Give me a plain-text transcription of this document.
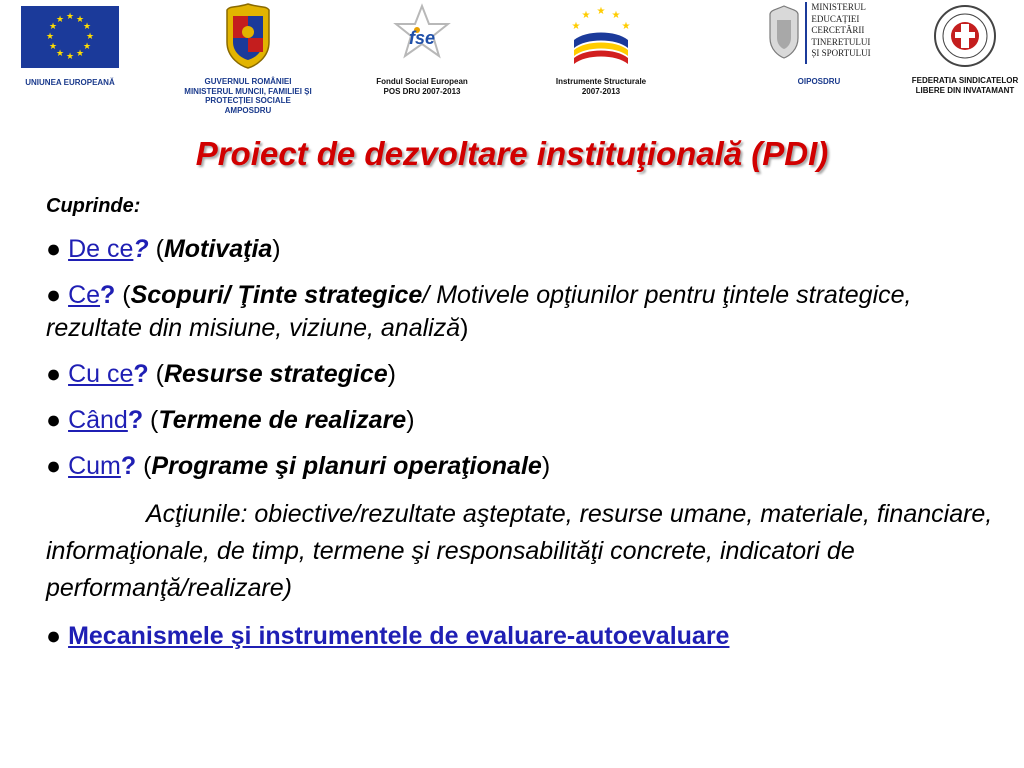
★ ★
★
★
★
★
★
★
★
★
★
★
UNIUNEA EUROPEANĂ	GUVERNUL ROMÂNIEI
MINISTERUL MUNCII, FAMILIEI ȘI
PROTECȚIEI SOCIALE
AMPOSDRU
fse
Fondul Social European
POS DRU 2007-2013
★ ★
★
★
★
Instrumente Structurale
2007-2013
MINISTERUL
EDUCAȚIEI
CERCETĂRII
TINERETULUI
ȘI SPORTULUI
OIPOSDRU	FEDERATIA SINDICATELOR
LIBERE DIN INVATAMANT
Proiect de dezvoltare instituţională (PDI)
Cuprinde:
● De ce? (Motivaţia)
● Ce? (Scopuri/ Ţinte strategice/ Motivele opţiunilor pentru ţintele strategice, rezultate din misiune, viziune, analiză)
● Cu ce? (Resurse strategice)
● Când? (Termene de realizare)
● Cum? (Programe şi planuri operaţionale)
Acţiunile: obiective/rezultate aşteptate, resurse umane, materiale, financiare, informaţionale, de timp, termene şi responsabilităţi concrete, indicatori de performanţă/realizare)
● Mecanismele şi instrumentele de evaluare-autoevaluare
